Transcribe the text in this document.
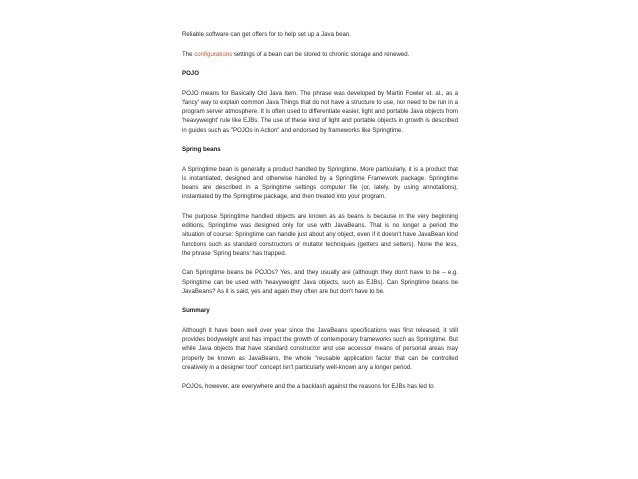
Reliable software can get offers for to help set up a Java bean.

The configurations settings of a bean can be stored to chronic storage and renewed.

POJO

POJO means for Basically Old Java Item. The phrase was developed by Martin Fowler et. al., as a 'fancy' way to explain common Java Things that do not have a structure to use, nor need to be run in a program server atmosphere. It is often used to differentiate easier, light and portable Java objects from 'heavyweight' rule like EJBs. The use of these kind of light and portable objects in growth is described in guides such as "POJOs in Action" and endorsed by frameworks like Springtime.

Spring beans

A Springtime bean is generally a product handled by Springtime. More particularly, it is a product that is instantiated, designed and otherwise handled by a Springtime Framework package. Springtime beans are described in a Springtime settings computer file (or, lately, by using annotations), instantiated by the Springtime package, and then treated into your program.

The purpose Springtime handled objects are known as as beans is because in the very beginning editions, Springtime was designed only for use with JavaBeans. That is no longer a period the situation of course: Springtime can handle just about any object, even if it doesn't have JavaBean kind functions such as standard constructors or mutator techniques (getters and setters). None the less, the phrase 'Spring beans' has trapped.

Can Springtime beans be POJOs? Yes, and they usually are (although they don't have to be – e.g. Springtime can be used with 'heavyweight' Java objects, such as EJBs). Can Springtime beans be JavaBeans? As it is said, yes and again they often are but don't have to be.

Summary

Although it have been well over year since the JavaBeans specifications was first released, it still provides bodyweight and has impact the growth of contemporary frameworks such as Springtime. But while Java objects that have standard constructor and use accessor means of personal areas may properly be known as JavaBeans, the whole "reusable application factor that can be controlled creatively in a designer tool" concept isn't particularly well-known any a longer period.

POJOs, however, are everywhere and the a backlash against the reasons for EJBs has led to
